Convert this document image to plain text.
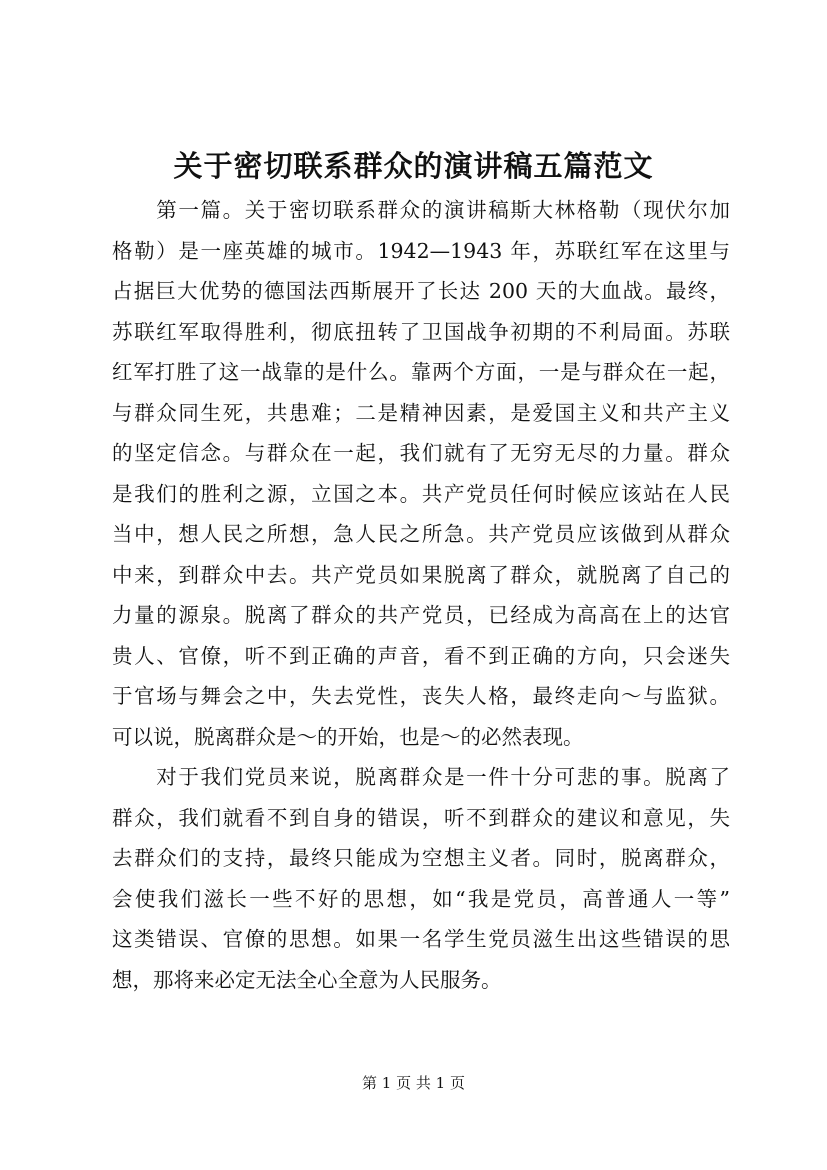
关于密切联系群众的演讲稿五篇范文
　　第一篇。关于密切联系群众的演讲稿斯大林格勒（现伏尔加
格勒）是一座英雄的城市。1942—1943 年，苏联红军在这里与
占据巨大优势的德国法西斯展开了长达 200 天的大血战。最终，
苏联红军取得胜利，彻底扭转了卫国战争初期的不利局面。苏联
红军打胜了这一战靠的是什么。靠两个方面，一是与群众在一起，
与群众同生死，共患难；二是精神因素，是爱国主义和共产主义
的坚定信念。与群众在一起，我们就有了无穷无尽的力量。群众
是我们的胜利之源，立国之本。共产党员任何时候应该站在人民
当中，想人民之所想，急人民之所急。共产党员应该做到从群众
中来，到群众中去。共产党员如果脱离了群众，就脱离了自己的
力量的源泉。脱离了群众的共产党员，已经成为高高在上的达官
贵人、官僚，听不到正确的声音，看不到正确的方向，只会迷失
于官场与舞会之中，失去党性，丧失人格，最终走向～与监狱。
可以说，脱离群众是～的开始，也是～的必然表现。
　　对于我们党员来说，脱离群众是一件十分可悲的事。脱离了
群众，我们就看不到自身的错误，听不到群众的建议和意见，失
去群众们的支持，最终只能成为空想主义者。同时，脱离群众，
会使我们滋长一些不好的思想，如“我是党员，高普通人一等”
这类错误、官僚的思想。如果一名学生党员滋生出这些错误的思
想，那将来必定无法全心全意为人民服务。
第 1 页 共 1 页
